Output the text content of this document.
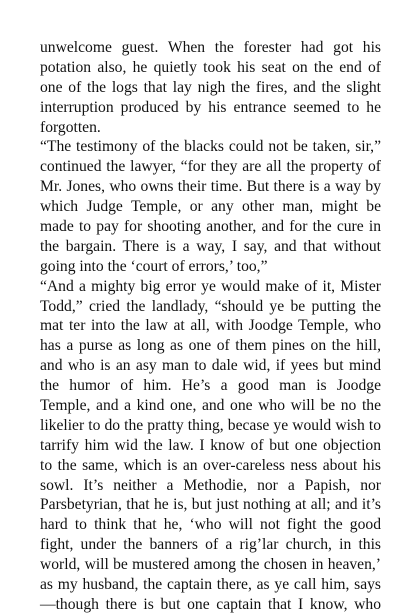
unwelcome guest. When the forester had got his
potation also, he quietly took his seat on the end of
one of the logs that lay nigh the fires, and the slight
interruption produced by his entrance seemed to he
forgotten.
“The testimony of the blacks could not be taken, sir,”
continued the lawyer, “for they are all the property of
Mr. Jones, who owns their time. But there is a way by
which Judge Temple, or any other man, might be
made to pay for shooting another, and for the cure in
the bargain. There is a way, I say, and that without
going into the ‘court of errors,’ too,”
“And a mighty big error ye would make of it, Mister
Todd,” cried the landlady, “should ye be putting the
mat ter into the law at all, with Joodge Temple, who
has a purse as long as one of them pines on the hill,
and who is an asy man to dale wid, if yees but mind
the humor of him. He’s a good man is Joodge
Temple, and a kind one, and one who will be no the
likelier to do the pratty thing, becase ye would wish to
tarrify him wid the law. I know of but one objection
to the same, which is an over-careless ness about his
sowl. It’s neither a Methodie, nor a Papish, nor
Parsbetyrian, that he is, but just nothing at all; and it’s
hard to think that he, ‘who will not fight the good
fight, under the banners of a rig’lar church, in this
world, will be mustered among the chosen in heaven,’
as my husband, the captain there, as ye call him, says
—though there is but one captain that I know, who
